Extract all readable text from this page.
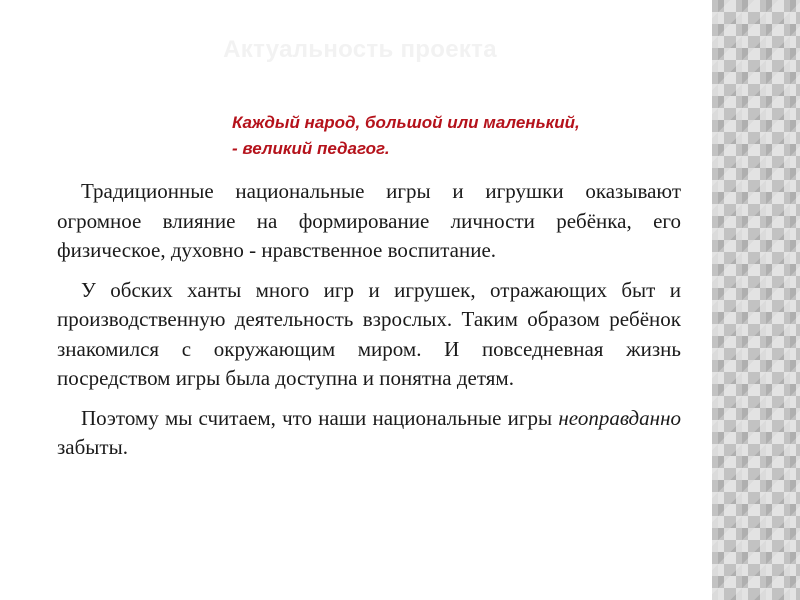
Актуальность проекта
Каждый народ, большой или маленький,
- великий педагог.

Традиционные национальные игры и игрушки оказывают огромное влияние на формирование личности ребёнка, его физическое, духовно - нравственное воспитание.

У обских ханты много игр и игрушек, отражающих быт и производственную деятельность взрослых. Таким образом ребёнок знакомился с окружающим миром. И повседневная жизнь посредством игры была доступна и понятна детям.

Поэтому мы считаем, что наши национальные игры неоправданно забыты.
